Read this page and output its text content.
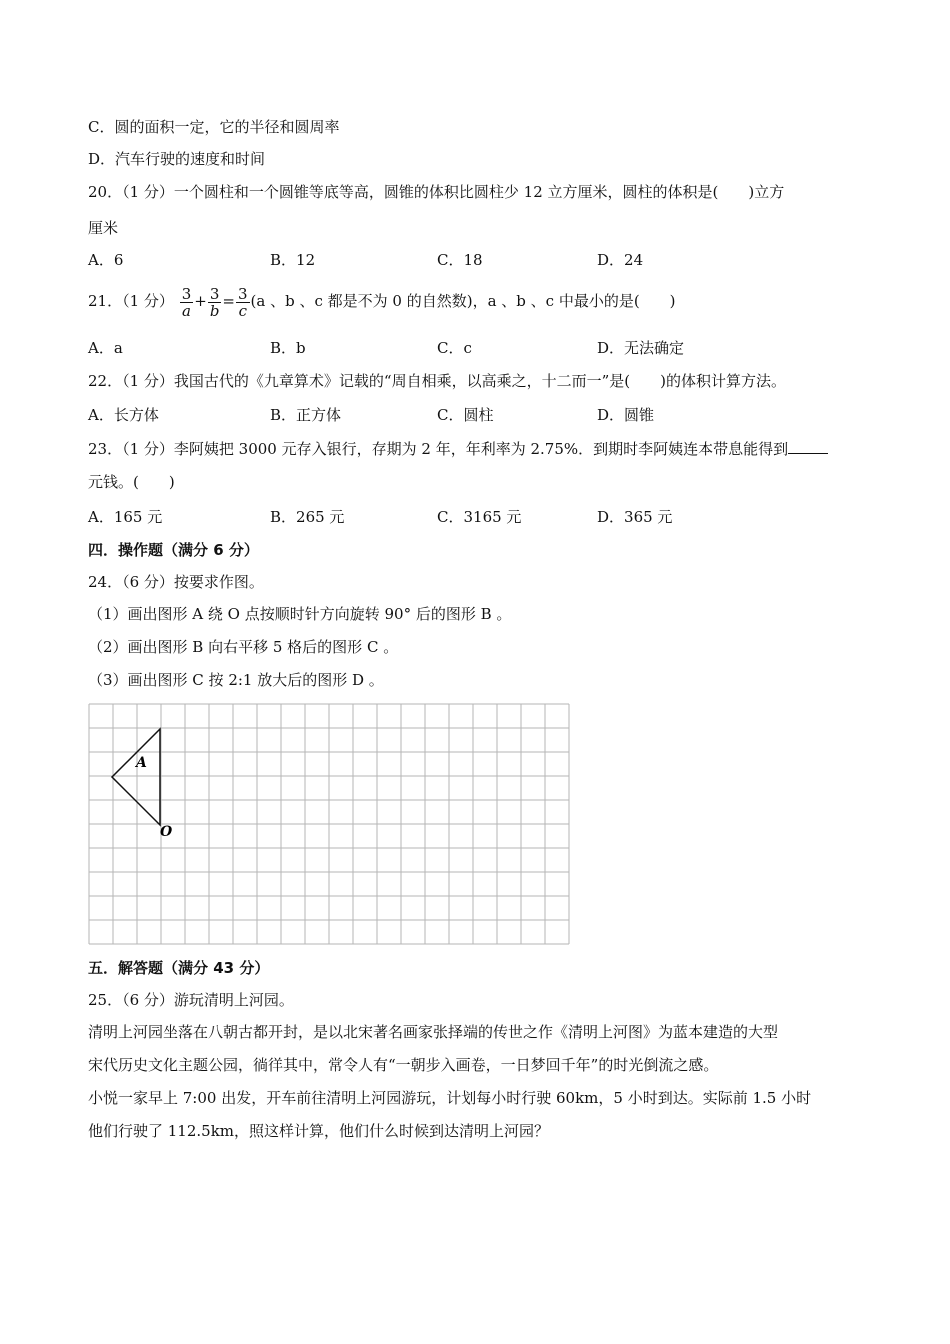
C．圆的面积一定，它的半径和圆周率
D．汽车行驶的速度和时间
20．（1 分）一个圆柱和一个圆锥等底等高，圆锥的体积比圆柱少 12 立方厘米，圆柱的体积是(　　)立方
厘米
A．6	B．12	C．18	D．24
21．（1 分） $\frac{3}{a} + \frac{3}{b} = \frac{3}{c} (a$ 、b 、c 都是不为 0 的自然数)，a 、b 、c 中最小的是(　　)
A．a	B．b	C．c	D．无法确定
22．（1 分）我国古代的《九章算术》记载的“周自相乘，以高乘之，十二而一”是(　　)的体积计算方法。
A．长方体	B．正方体	C．圆柱	D．圆锥
23．（1 分）李阿姨把 3000 元存入银行，存期为 2 年，年利率为 2.75%．到期时李阿姨连本带息能得到
元钱。(　　)
A．165 元	B．265 元	C．3165 元	D．365 元
四．操作题（满分 6 分）
24．（6 分）按要求作图。
（1）画出图形 A 绕 O 点按顺时针方向旋转 90° 后的图形 B 。
（2）画出图形 B 向右平移 5 格后的图形 C 。
（3）画出图形 C 按 2:1 放大后的图形 D 。
A
O
五．解答题（满分 43 分）
25．（6 分）游玩清明上河园。
清明上河园坐落在八朝古都开封，是以北宋著名画家张择端的传世之作《清明上河图》为蓝本建造的大型
宋代历史文化主题公园，徜徉其中，常令人有“一朝步入画卷，一日梦回千年”的时光倒流之感。
小悦一家早上 7:00 出发，开车前往清明上河园游玩，计划每小时行驶 60km，5 小时到达。实际前 1.5 小时
他们行驶了 112.5km，照这样计算，他们什么时候到达清明上河园？
